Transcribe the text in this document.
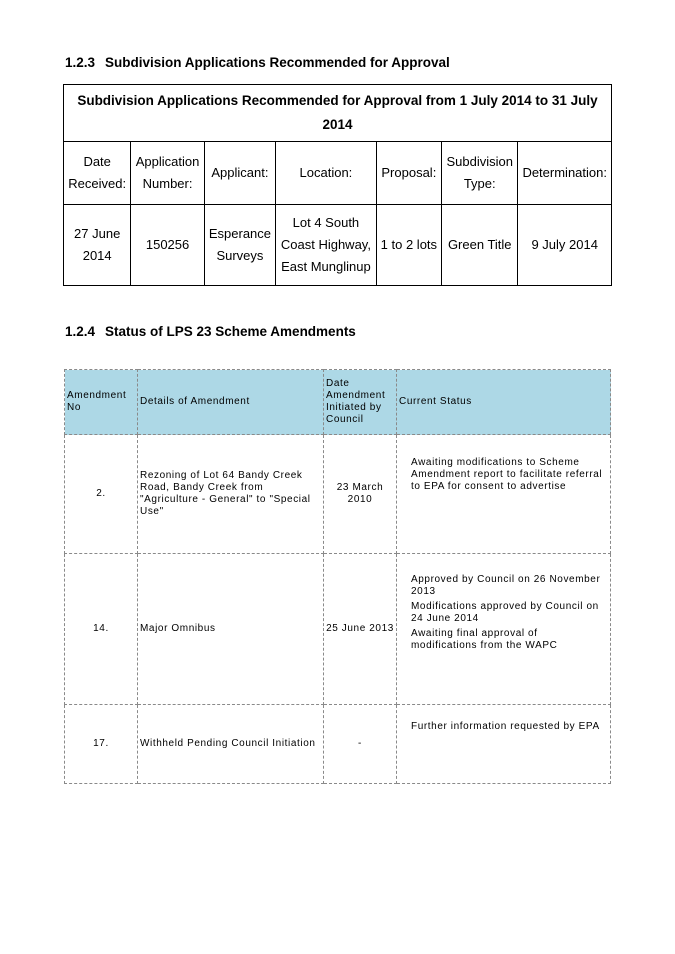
1.2.3 Subdivision Applications Recommended for Approval
Subdivision Applications Recommended for Approval from 1 July 2014 to 31 July 2014						
Date Received:	Application Number:	Applicant:	Location:	Proposal:	Subdivision Type:	Determination:
27 June 2014	150256	Esperance Surveys	Lot 4 South Coast Highway, East Munglinup	1 to 2 lots	Green Title	9 July 2014
1.2.4 Status of LPS 23 Scheme Amendments
Amendment No	Details of Amendment	Date Amendment Initiated by Council	Current Status
2.	Rezoning of Lot 64 Bandy Creek Road, Bandy Creek from "Agriculture - General" to "Special Use"	23 March 2010	Awaiting modifications to Scheme Amendment report to facilitate referral to EPA for consent to advertise

14.	Major Omnibus	25 June 2013	Approved by Council on 26 November 2013
Modifications approved by Council on 24 June 2014
Awaiting final approval of modifications from the WAPC

17.	Withheld Pending Council Initiation	-	Further information requested by EPA
